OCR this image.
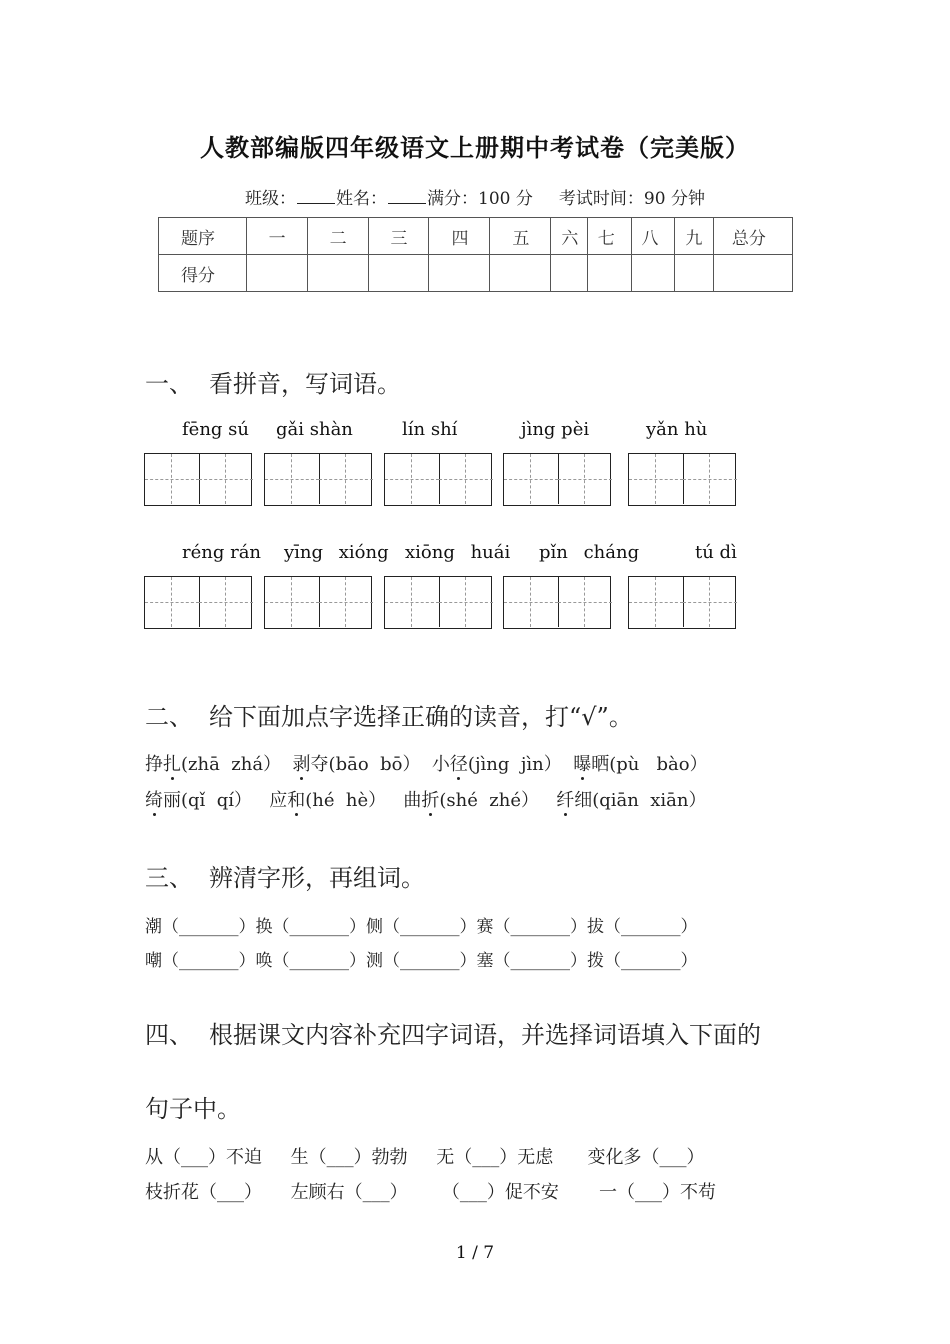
人教部编版四年级语文上册期中考试卷（完美版）
班级： 姓名： 满分：100 分 考试时间：90 分钟
题序	一	二	三	四	五	六	七	八	九	总分
得分										
一、 看拼音，写词语。
fēng sú gǎi shàn	lín shí	jìng pèi	yǎn hù
réng rán yīng xióng xiōng huái pǐn cháng	tú dì
二、 给下面加点字选择正确的读音，打“√”。
挣扎(zhā  zhá） 剥夺(bāo  bō） 小径(jìng  jìn） 曝晒(pù   bào）
绮丽(qǐ  qí） 应和(hé  hè） 曲折(shé  zhé） 纤细(qiān  xiān）
三、 辨清字形，再组词。
潮（_______）换（_______）侧（_______）赛（_______）拔（_______）
嘲（_______）唤（_______）测（_______）塞（_______）拨（_______）
四、 根据课文内容补充四字词语，并选择词语填入下面的
句子中。
从（___）不迫     生（___）勃勃     无（___）无虑      变化多（___）
枝折花（___）     左顾右（___）      （___）促不安       一（___）不苟
1 / 7
